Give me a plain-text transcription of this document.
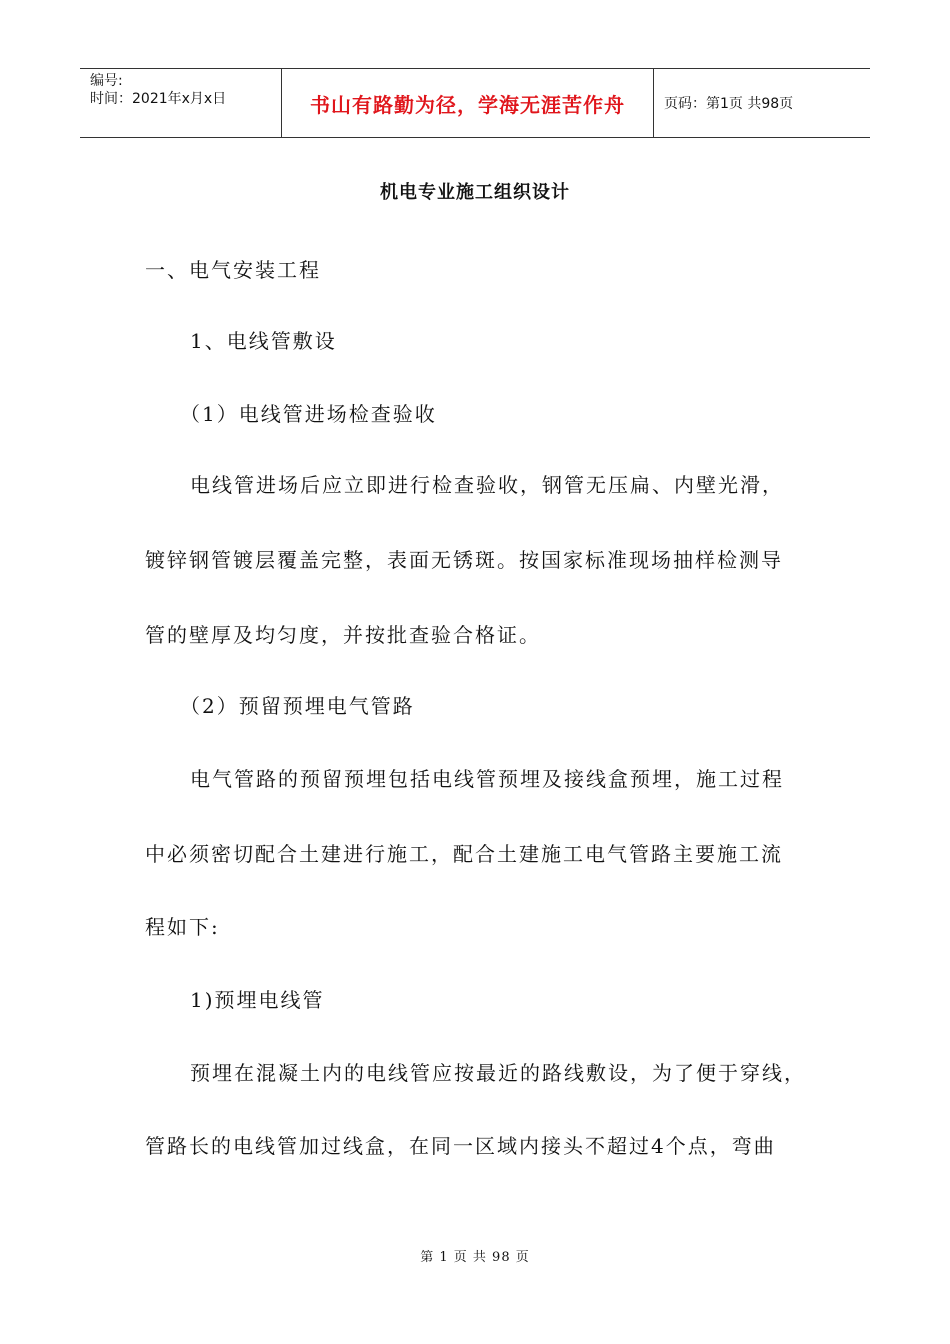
编号:
时间：2021年x月x日	书山有路勤为径，学海无涯苦作舟	页码：第1页 共98页
机电专业施工组织设计
一、电气安装工程
1、电线管敷设
（1）电线管进场检查验收
电线管进场后应立即进行检查验收，钢管无压扁、内壁光滑，
镀锌钢管镀层覆盖完整，表面无锈斑。按国家标准现场抽样检测导
管的壁厚及均匀度，并按批查验合格证。
（2）预留预埋电气管路
电气管路的预留预埋包括电线管预埋及接线盒预埋，施工过程
中必须密切配合土建进行施工，配合土建施工电气管路主要施工流
程如下:
1)预埋电线管
预埋在混凝土内的电线管应按最近的路线敷设，为了便于穿线，
管路长的电线管加过线盒，在同一区域内接头不超过4个点，弯曲
第 1 页 共 98 页
